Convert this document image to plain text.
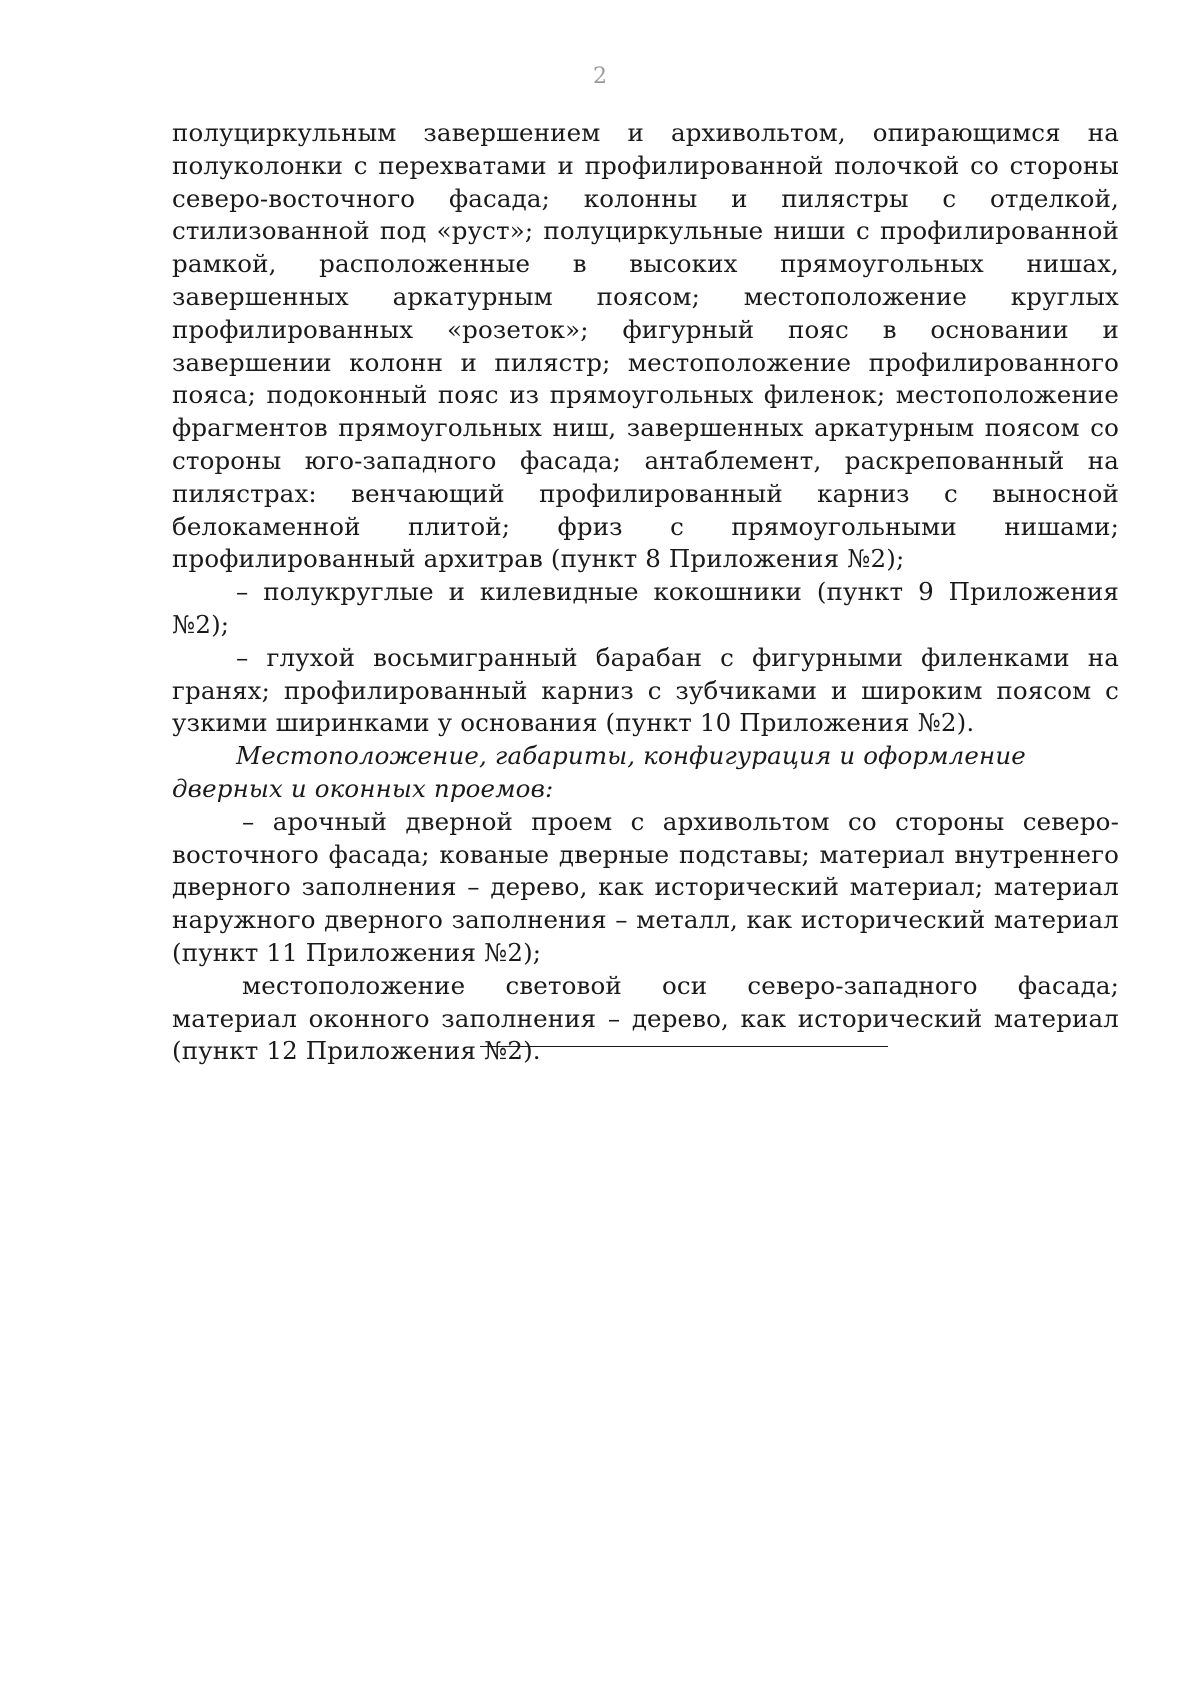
2

полуциркульным завершением и архивольтом, опирающимся на полуколонки с перехватами и профилированной полочкой со стороны северо-восточного фасада; колонны и пилястры с отделкой, стилизованной под «руст»; полуциркульные ниши с профилированной рамкой, расположенные в высоких прямоугольных нишах, завершенных аркатурным поясом; местоположение круглых профилированных «розеток»; фигурный пояс в основании и завершении колонн и пилястр; местоположение профилированного пояса; подоконный пояс из прямоугольных филенок; местоположение фрагментов прямоугольных ниш, завершенных аркатурным поясом со стороны юго-западного фасада; антаблемент, раскрепованный на пилястрах: венчающий профилированный карниз с выносной белокаменной плитой; фриз с прямоугольными нишами; профилированный архитрав (пункт 8 Приложения №2);

– полукруглые и килевидные кокошники (пункт 9 Приложения №2);

– глухой восьмигранный барабан с фигурными филенками на гранях; профилированный карниз с зубчиками и широким поясом с узкими ширинками у основания (пункт 10 Приложения №2).

Местоположение, габариты, конфигурация и оформление дверных и оконных проемов:

– арочный дверной проем с архивольтом со стороны северо-восточного фасада; кованые дверные подставы; материал внутреннего дверного заполнения – дерево, как исторический материал; материал наружного дверного заполнения – металл, как исторический материал (пункт 11 Приложения №2);

местоположение световой оси северо-западного фасада; материал оконного заполнения – дерево, как исторический материал (пункт 12 Приложения №2).
